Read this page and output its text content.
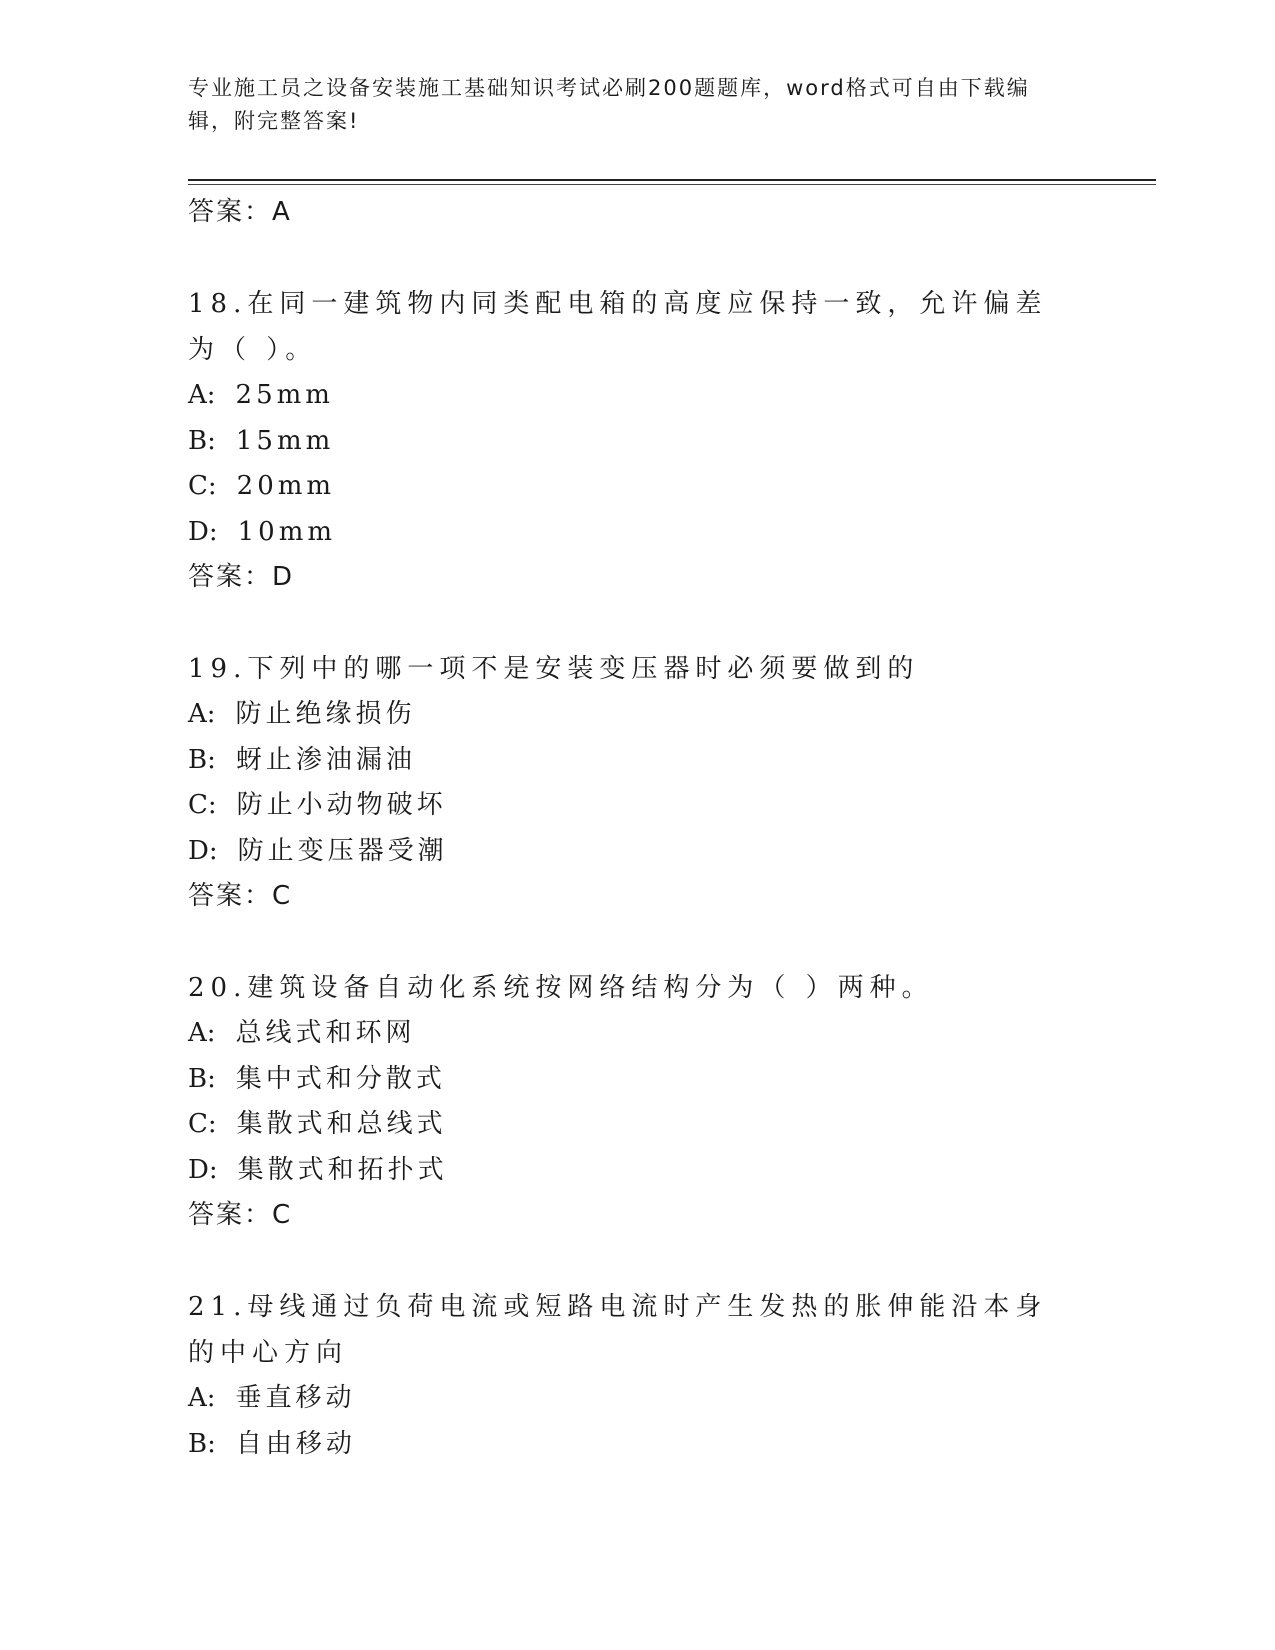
专业施工员之设备安装施工基础知识考试必刷200题题库，word格式可自由下载编辑，附完整答案!
答案：A
18.在同一建筑物内同类配电箱的高度应保持一致，允许偏差为（ ）。
A: 25mm
B: 15mm
C: 20mm
D: 10mm
答案：D
19.下列中的哪一项不是安装变压器时必须要做到的
A: 防止绝缘损伤
B: 蚜止渗油漏油
C: 防止小动物破坏
D: 防止变压器受潮
答案：C
20.建筑设备自动化系统按网络结构分为（ ）两种。
A: 总线式和环网
B: 集中式和分散式
C: 集散式和总线式
D: 集散式和拓扑式
答案：C
21.母线通过负荷电流或短路电流时产生发热的胀伸能沿本身的中心方向
A: 垂直移动
B: 自由移动
